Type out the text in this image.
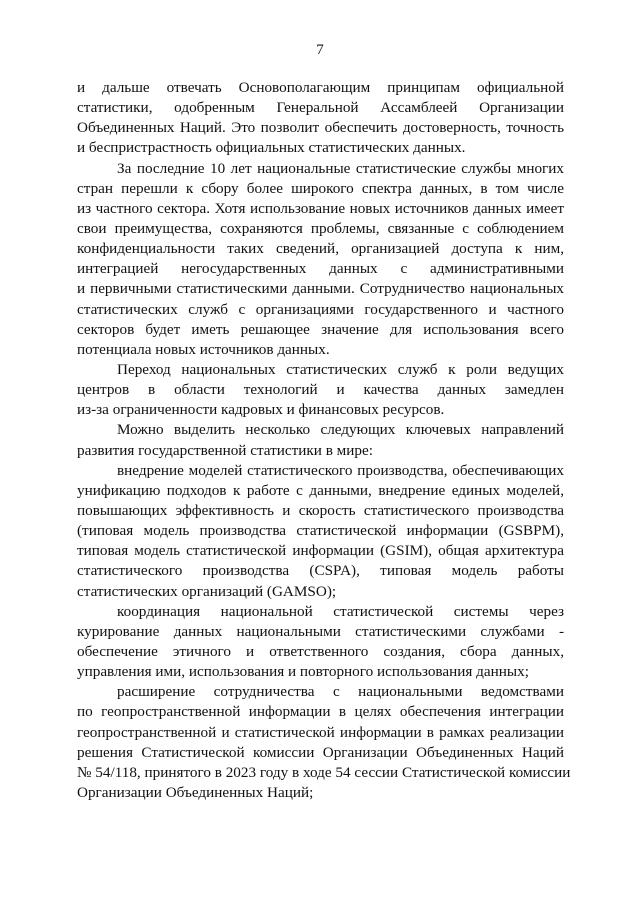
7
и дальше отвечать Основополагающим принципам официальной
статистики, одобренным Генеральной Ассамблеей Организации
Объединенных Наций. Это позволит обеспечить достоверность, точность
и беспристрастность официальных статистических данных.
За последние 10 лет национальные статистические службы многих
стран перешли к сбору более широкого спектра данных, в том числе
из частного сектора. Хотя использование новых источников данных имеет
свои преимущества, сохраняются проблемы, связанные с соблюдением
конфиденциальности таких сведений, организацией доступа к ним,
интеграцией негосударственных данных с административными
и первичными статистическими данными. Сотрудничество национальных
статистических служб с организациями государственного и частного
секторов будет иметь решающее значение для использования всего
потенциала новых источников данных.
Переход национальных статистических служб к роли ведущих
центров в области технологий и качества данных замедлен
из-за ограниченности кадровых и финансовых ресурсов.
Можно выделить несколько следующих ключевых направлений
развития государственной статистики в мире:
внедрение моделей статистического производства, обеспечивающих
унификацию подходов к работе с данными, внедрение единых моделей,
повышающих эффективность и скорость статистического производства
(типовая модель производства статистической информации (GSBPM),
типовая модель статистической информации (GSIM), общая архитектура
статистического производства (CSPA), типовая модель работы
статистических организаций (GAMSO);
координация национальной статистической системы через
курирование данных национальными статистическими службами -
обеспечение этичного и ответственного создания, сбора данных,
управления ими, использования и повторного использования данных;
расширение сотрудничества с национальными ведомствами
по геопространственной информации в целях обеспечения интеграции
геопространственной и статистической информации в рамках реализации
решения Статистической комиссии Организации Объединенных Наций
№ 54/118, принятого в 2023 году в ходе 54 сессии Статистической комиссии
Организации Объединенных Наций;
